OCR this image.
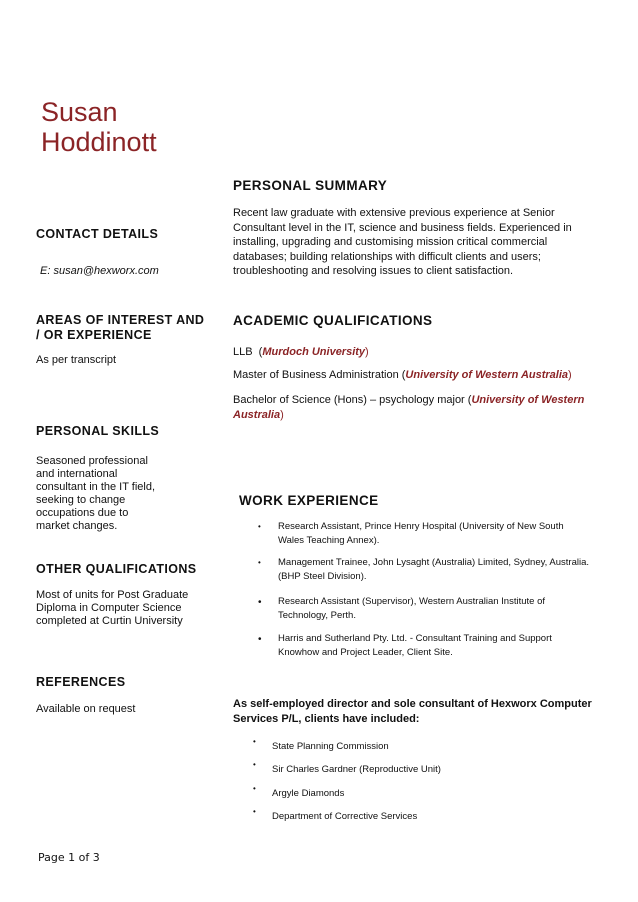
Susan
Hoddinott
CONTACT DETAILS
E: susan@hexworx.com
AREAS OF INTEREST AND
/ OR EXPERIENCE
As per transcript
PERSONAL SKILLS
Seasoned professional
and international
consultant in the IT field,
seeking to change
occupations due to
market changes.
OTHER QUALIFICATIONS
Most of units for Post Graduate
Diploma in Computer Science
completed at Curtin University
REFERENCES
Available on request
PERSONAL SUMMARY
Recent law graduate with extensive previous experience at Senior
Consultant level in the IT, science and business fields. Experienced in
installing, upgrading and customising mission critical commercial
databases; building relationships with difficult clients and users;
troubleshooting and resolving issues to client satisfaction.
ACADEMIC QUALIFICATIONS
LLB  (Murdoch University)
Master of Business Administration (University of Western Australia)
Bachelor of Science (Hons) – psychology major (University of Western
Australia)
WORK EXPERIENCE
• Research Assistant, Prince Henry Hospital (University of New South
Wales Teaching Annex).
• Management Trainee, John Lysaght (Australia) Limited, Sydney, Australia.
(BHP Steel Division).
• Research Assistant (Supervisor), Western Australian Institute of
Technology, Perth.
• Harris and Sutherland Pty. Ltd. - Consultant Training and Support
Knowhow and Project Leader, Client Site.
As self-employed director and sole consultant of Hexworx Computer
Services P/L, clients have included:
• State Planning Commission
• Sir Charles Gardner (Reproductive Unit)
• Argyle Diamonds
• Department of Corrective Services
Page 1 of 3
